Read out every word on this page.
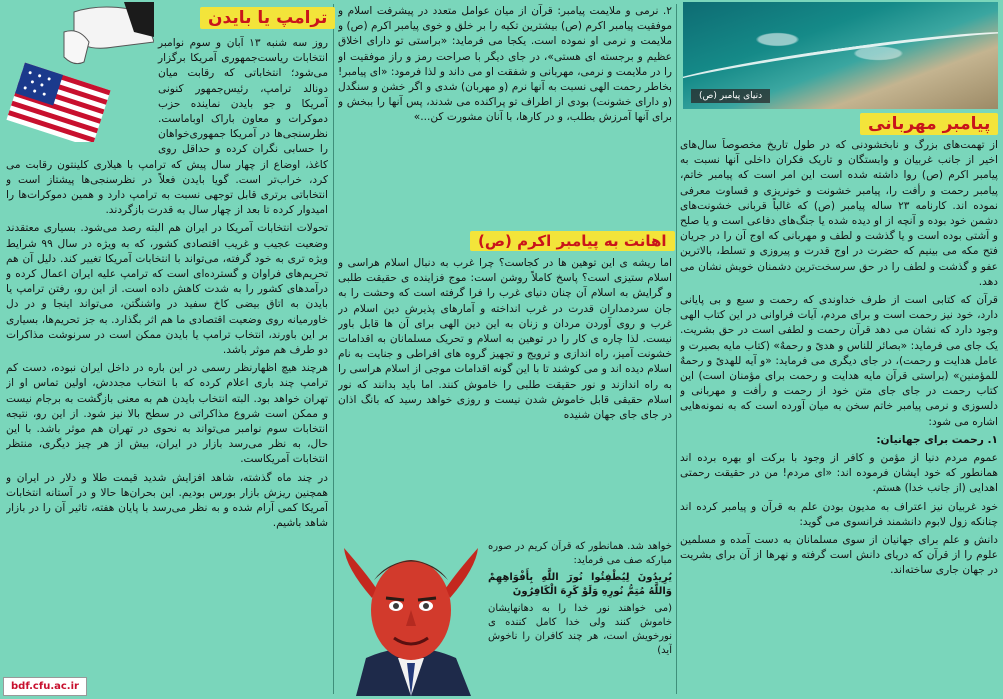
دنیای پیامبر (ص)
پیامبر مهربانی

از تهمت‌های بزرگ و نابخشودنی که در طول تاریخ مخصوصاً سال‌های اخیر از جانب غربیان و وابستگان و تاریک فکران داخلی آنها نسبت به پیامبر اکرم (ص) روا داشته شده است این امر است که پیامبر خاتم، پیامبر رحمت و رأفت را، پیامبر خشونت و خونریزی و قساوت معرفی نموده اند. کارنامه ۲۳ ساله پیامبر (ص) که غالباً قربانی خشونت‌های دشمن خود بوده و آنچه از او دیده شده یا جنگ‌های دفاعی است و یا صلح و آشتی بوده است و یا گذشت و لطف و مهربانی که اوج آن را در جریان فتح مکه می بینیم که حضرت در اوج قدرت و پیروزی و تسلط، بالاترین عفو و گذشت و لطف را در حق سرسخت‌ترین دشمنان خویش نشان می دهد.

قرآن که کتابی است از طرف خداوندی که رحمت و سبع و بی پایانی دارد، خود نیز رحمت است و برای مردم، آیات فراوانی در این کتاب الهی وجود دارد که نشان می دهد قرآن رحمت و لطفی است در حق بشریت. یک جای می فرماید: «بصائر للناس و هدیً و رحمهٌ» (کتاب مایه بصیرت و عامل هدایت و رحمت)، در جای دیگری می فرماید: «و آیه للهدیً و رحمهٌ للمؤمنین» (براستی قرآن مایه هدایت و رحمت برای مؤمنان است) این کتاب رحمت در جای جای متن خود از رحمت و رأفت و مهربانی و دلسوزی و نرمی پیامبر خاتم سخن به میان آورده است که به نمونه‌هایی اشاره می شود:

۱. رحمت برای جهانیان:

عموم مردم دنیا از مؤمن و کافر از وجود با برکت او بهره برده اند همانطور که خود ایشان فرموده اند: «ای مردم! من در حقیقت رحمتی اهدایی (از جانب خدا) هستم.

خود غربیان نیز اعتراف به مدیون بودن علم به قرآن و پیامبر کرده اند چنانکه زول لابوم دانشمند فرانسوی می گوید:

دانش و علم برای جهانیان از سوی مسلمانان به دست آمده و مسلمین علوم را از قرآن که دریای دانش است گرفته و نهرها از آن برای بشریت در جهان جاری ساخته‌اند.

۲. نرمی و ملایمت پیامبر: قرآن از میان عوامل متعدد در پیشرفت اسلام و موفقیت پیامبر اکرم (ص) بیشترین تکیه را بر خلق و خوی پیامبر اکرم (ص) و ملایمت و نرمی او نموده است. یکجا می فرماید: «براستی تو دارای اخلاق عظیم و برجسته ای هستی»، در جای دیگر با صراحت رمز و راز موفقیت او را در ملایمت و نرمی، مهربانی و شفقت او می داند و لذا فرمود: «ای پیامبر! بخاطر رحمت الهی نسبت به آنها نرم (و مهربان) شدی و اگر خشن و سنگدل (و دارای خشونت) بودی از اطراف تو پراکنده می شدند، پس آنها را ببخش و برای آنها آمرزش بطلب، و در کارها، با آنان مشورت کن...»

اهانت به پیامبر اکرم (ص)

اما ریشه ی این توهین ها در کجاست؟ چرا غرب به دنبال اسلام هراسی و اسلام ستیزی است؟ پاسخ کاملاً روشن است: موج فزاینده ی حقیقت طلبی و گرایش به اسلام آن چنان دنیای غرب را فرا گرفته است که وحشت را به جان سردمداران قدرت در غرب انداخته و آمارهای پذیرش دین اسلام در غرب و روی آوردن مردان و زنان به این دین الهی برای آن ها قابل باور نیست. لذا چاره ی کار را در توهین به اسلام و تحریک مسلمانان به اقدامات خشونت آمیز، راه اندازی و ترویج و تجهیز گروه های افراطی و جنایت به نام اسلام دیده اند و می کوشند تا با این گونه اقدامات موجی از اسلام هراسی را به راه اندازند و نور حقیقت طلبی را خاموش کنند. اما باید بدانند که نور اسلام حقیقی قابل خاموش شدن نیست و روزی خواهد رسید که بانگ اذان در جای جای جهان شنیده

خواهد شد. همانطور که قرآن کریم در صوره مبارکه صف می فرماید:

یُرِیدُونَ لِیُطْفِئُوا نُورَ اللَّهِ بِأَفْوَاهِهِمْ وَاللَّهُ مُتِمُّ نُورِهِ وَلَوْ کَرِهَ الْکَافِرُونَ

(می خواهند نور خدا را به دهانهایشان خاموش کنند ولی خدا کامل کننده ی نورخویش است، هر چند کافران را ناخوش آید)

ترامپ یا بایدن

روز سه شنبه ۱۳ آبان و سوم نوامبر انتخابات ریاست‌جمهوری آمریکا برگزار می‌شود؛ انتخاباتی که رقابت میان دونالد ترامپ، رئیس‌جمهور کنونی آمریکا و جو بایدن نماینده حزب دموکرات و معاون باراک اوباماست. نظرسنجی‌ها در آمریکا جمهوری‌خواهان را حسابی نگران کرده و حداقل روی کاغذ، اوضاع از چهار سال پیش که ترامپ با هیلاری کلینتون رقابت می کرد، خراب‌تر است. گویا بایدن فعلاً در نظرسنجی‌ها پیشتاز است و انتخاباتی برتری قابل توجهی نسبت به ترامپ دارد و همین دموکرات‌ها را امیدوار کرده تا بعد از چهار سال به قدرت بازگردند.

تحولات انتخابات آمریکا در ایران هم البته رصد می‌شود. بسیاری معتقدند وضعیت عجیب و غریب اقتصادی کشور، که به ویژه در سال ۹۹ شرایط ویژه تری به خود گرفته، می‌تواند با انتخابات آمریکا تغییر کند. دلیل آن هم تحریم‌های فراوان و گسترده‌ای است که ترامپ علیه ایران اعمال کرده و درآمدهای کشور را به شدت کاهش داده است. از این رو، رفتن ترامپ یا بایدن به اتاق بیضی کاخ سفید در واشنگتن، می‌تواند اینجا و در دل خاورمیانه روی وضعیت اقتصادی ما هم اثر بگذارد. به جز تحریم‌ها، بسیاری بر این باورند، انتخاب ترامپ یا بایدن ممکن است در سرنوشت مذاکرات دو طرف هم موثر باشد.

هرچند هیچ اظهارنظر رسمی در این باره در داخل ایران نبوده، دست کم ترامپ چند باری اعلام کرده که با انتخاب مجددش، اولین تماس او از تهران خواهد بود. البته انتخاب بایدن هم به معنی بازگشت به برجام نیست و ممکن است شروع مذاکراتی در سطح بالا نیز شود. از این رو، نتیجه انتخابات سوم نوامبر می‌تواند به نحوی در تهران هم موثر باشد. با این حال، به نظر می‌رسد بازار در ایران، بیش از هر چیز دیگری، منتظر انتخابات آمریکاست.

در چند ماه گذشته، شاهد افزایش شدید قیمت طلا و دلار در ایران و همچنین ریزش بازار بورس بودیم. این بحران‌ها حالا و در آستانه انتخابات آمریکا کمی آرام شده و به نظر می‌رسد با پایان هفته، تاثیر آن را در بازار شاهد باشیم.

bdf.cfu.ac.ir
